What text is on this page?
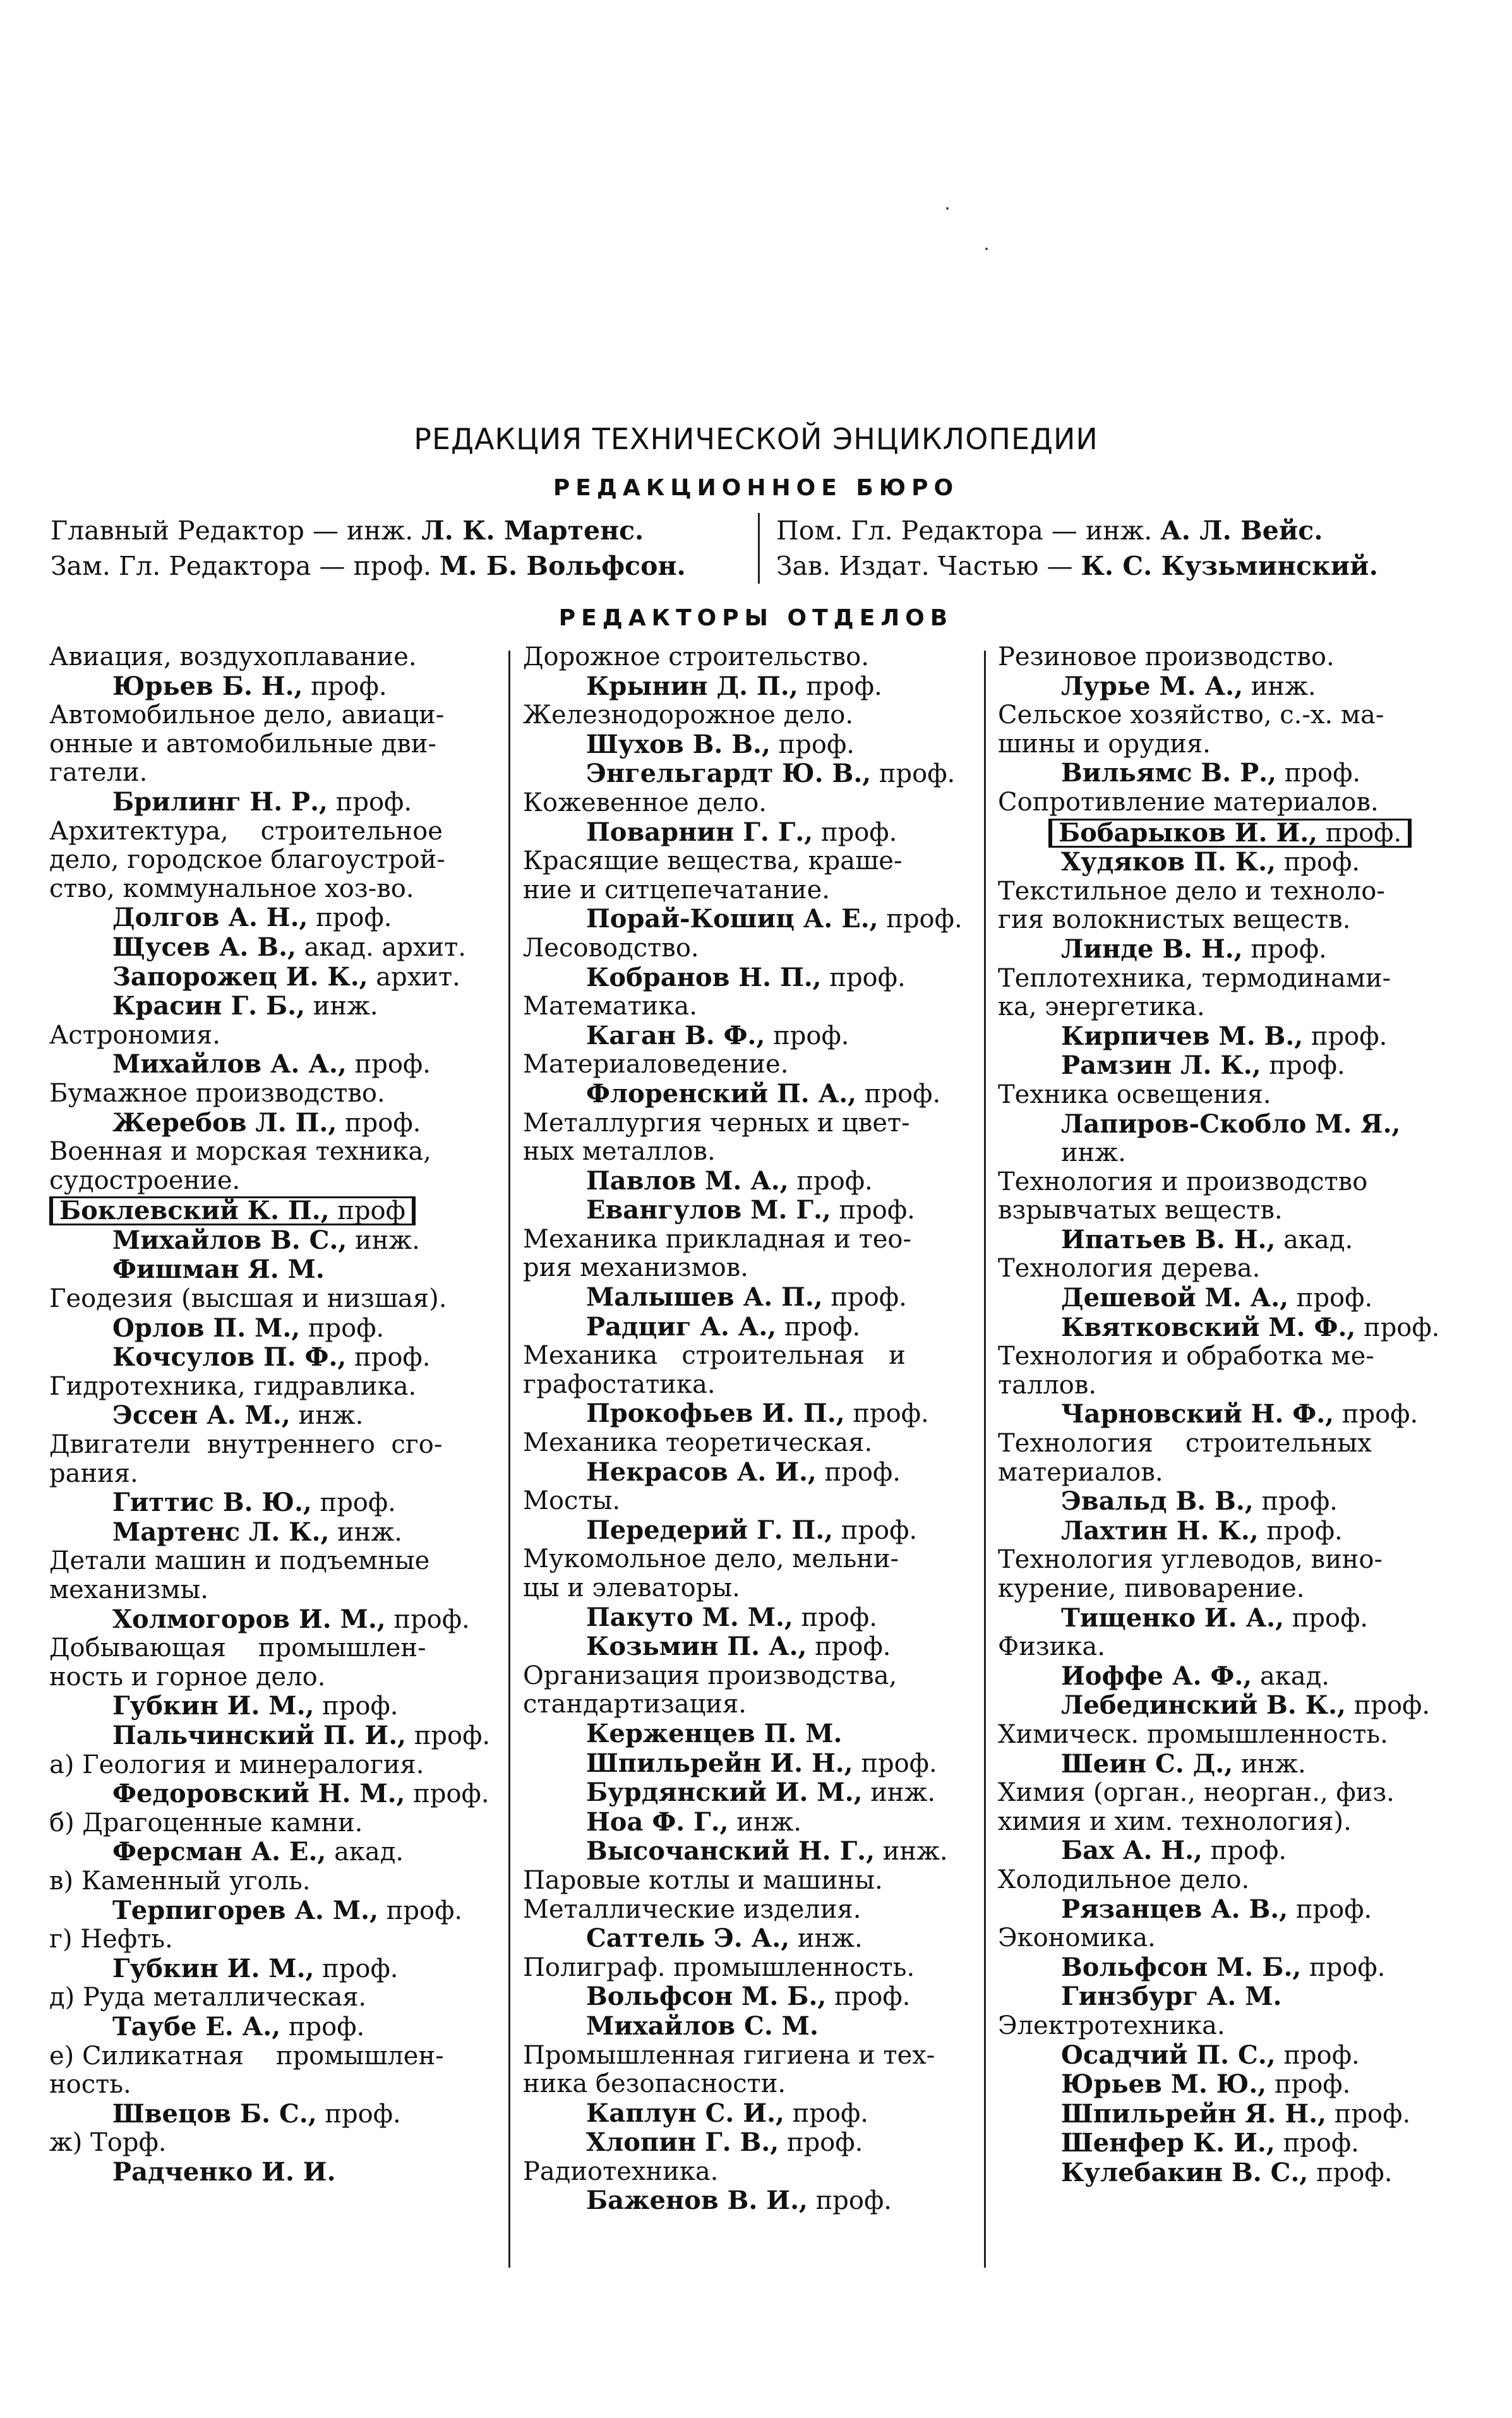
РЕДАКЦИЯ ТЕХНИЧЕСКОЙ ЭНЦИКЛОПЕДИИ
РЕДАКЦИОННОЕ БЮРО
Главный Редактор — инж. Л. К. Мартенс.
Зам. Гл. Редактора — проф. М. Б. Вольфсон.
Пом. Гл. Редактора — инж. А. Л. Вейс.
Зав. Издат. Частью — К. С. Кузьминский.
РЕДАКТОРЫ ОТДЕЛОВ
Авиация, воздухоплавание.
Юрьев Б. Н., проф.
Автомобильное дело, авиаци-
онные и автомобильные дви-
гатели.
Брилинг Н. Р., проф.
Архитектура,    строительное
дело, городское благоустрой-
ство, коммунальное хоз-во.
Долгов А. Н., проф.
Щусев А. В., акад. архит.
Запорожец И. К., архит.
Красин Г. Б., инж.
Астрономия.
Михайлов А. А., проф.
Бумажное производство.
Жеребов Л. П., проф.
Военная и морская техника,
судостроение.
Боклевский К. П., проф
Михайлов В. С., инж.
Фишман Я. М.
Геодезия (высшая и низшая).
Орлов П. М., проф.
Кочсулов П. Ф., проф.
Гидротехника, гидравлика.
Эссен А. М., инж.
Двигатели  внутреннего  сго-
рания.
Гиттис В. Ю., проф.
Мартенс Л. К., инж.
Детали машин и подъемные
механизмы.
Холмогоров И. М., проф.
Добывающая    промышлен-
ность и горное дело.
Губкин И. М., проф.
Пальчинский П. И., проф.
а) Геология и минералогия.
Федоровский Н. М., проф.
б) Драгоценные камни.
Ферсман А. Е., акад.
в) Каменный уголь.
Терпигорев А. М., проф.
г) Нефть.
Губкин И. М., проф.
д) Руда металлическая.
Таубе Е. А., проф.
е) Силикатная    промышлен-
ность.
Швецов Б. С., проф.
ж) Торф.
Радченко И. И.
Дорожное строительство.
Крынин Д. П., проф.
Железнодорожное дело.
Шухов В. В., проф.
Энгельгардт Ю. В., проф.
Кожевенное дело.
Поварнин Г. Г., проф.
Красящие вещества, краше-
ние и ситцепечатание.
Порай-Кошиц А. Е., проф.
Лесоводство.
Кобранов Н. П., проф.
Математика.
Каган В. Ф., проф.
Материаловедение.
Флоренский П. А., проф.
Металлургия черных и цвет-
ных металлов.
Павлов М. А., проф.
Евангулов М. Г., проф.
Механика прикладная и тео-
рия механизмов.
Малышев А. П., проф.
Радциг А. А., проф.
Механика   строительная   и
графостатика.
Прокофьев И. П., проф.
Механика теоретическая.
Некрасов А. И., проф.
Мосты.
Передерий Г. П., проф.
Мукомольное дело, мельни-
цы и элеваторы.
Пакуто М. М., проф.
Козьмин П. А., проф.
Организация производства,
стандартизация.
Керженцев П. М.
Шпильрейн И. Н., проф.
Бурдянский И. М., инж.
Ноа Ф. Г., инж.
Высочанский Н. Г., инж.
Паровые котлы и машины.
Металлические изделия.
Саттель Э. А., инж.
Полиграф. промышленность.
Вольфсон М. Б., проф.
Михайлов С. М.
Промышленная гигиена и тех-
ника безопасности.
Каплун С. И., проф.
Хлопин Г. В., проф.
Радиотехника.
Баженов В. И., проф.
Резиновое производство.
Лурье М. А., инж.
Сельское хозяйство, с.-х. ма-
шины и орудия.
Вильямс В. Р., проф.
Сопротивление материалов.
Бобарыков И. И., проф.
Худяков П. К., проф.
Текстильное дело и техноло-
гия волокнистых веществ.
Линде В. Н., проф.
Теплотехника, термодинами-
ка, энергетика.
Кирпичев М. В., проф.
Рамзин Л. К., проф.
Техника освещения.
Лапиров-Скобло М. Я.,
инж.
Технология и производство
взрывчатых веществ.
Ипатьев В. Н., акад.
Технология дерева.
Дешевой М. А., проф.
Квятковский М. Ф., проф.
Технология и обработка ме-
таллов.
Чарновский Н. Ф., проф.
Технология    строительных
материалов.
Эвальд В. В., проф.
Лахтин Н. К., проф.
Технология углеводов, вино-
курение, пивоварение.
Тищенко И. А., проф.
Физика.
Иоффе А. Ф., акад.
Лебединский В. К., проф.
Химическ. промышленность.
Шеин С. Д., инж.
Химия (орган., неорган., физ.
химия и хим. технология).
Бах А. Н., проф.
Холодильное дело.
Рязанцев А. В., проф.
Экономика.
Вольфсон М. Б., проф.
Гинзбург А. М.
Электротехника.
Осадчий П. С., проф.
Юрьев М. Ю., проф.
Шпильрейн Я. Н., проф.
Шенфер К. И., проф.
Кулебакин В. С., проф.
